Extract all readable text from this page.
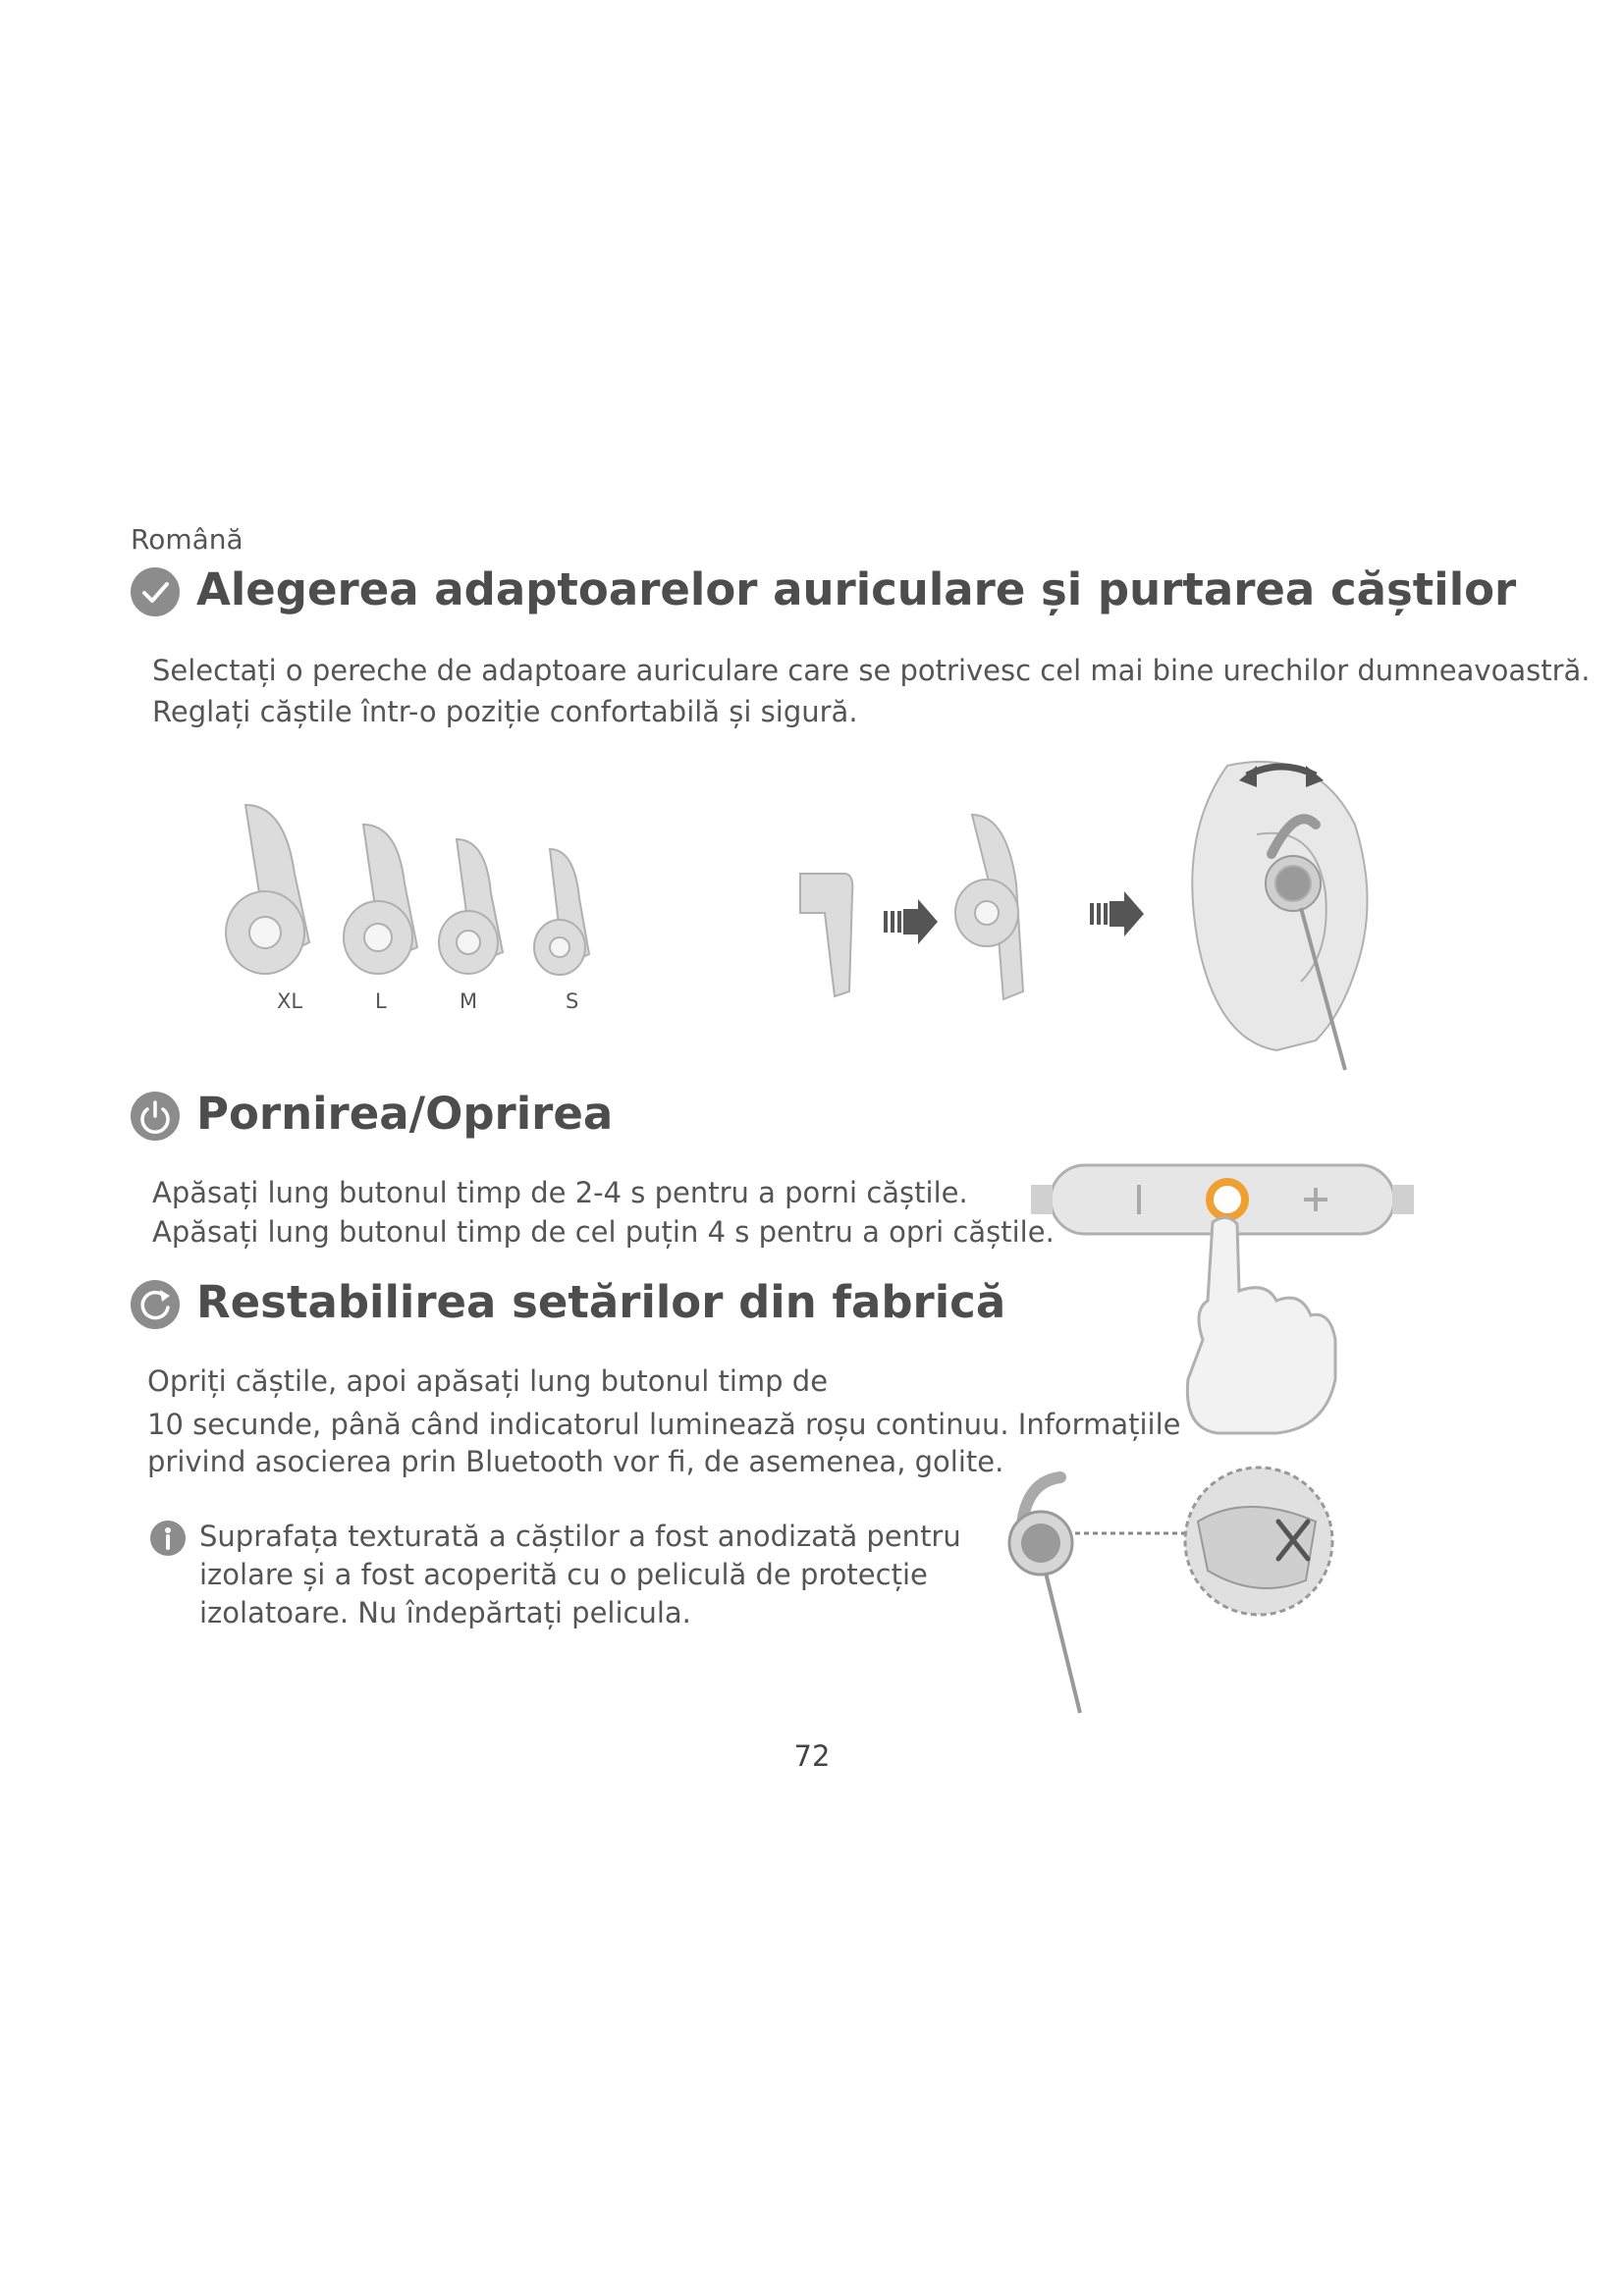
Română
Alegerea adaptoarelor auriculare și purtarea căștilor
Selectați o pereche de adaptoare auriculare care se potrivesc cel mai bine urechilor dumneavoastră.
Reglați căștile într-o poziție confortabilă și sigură.
XL	L	M	S
Pornirea/Oprirea
Apăsați lung butonul timp de 2-4 s pentru a porni căștile.
Apăsați lung butonul timp de cel puțin 4 s pentru a opri căștile.
Restabilirea setărilor din fabrică
Opriți căștile, apoi apăsați lung butonul timp de
10 secunde, până când indicatorul luminează roșu continuu. Informațiile
privind asocierea prin Bluetooth vor fi, de asemenea, golite.
Suprafața texturată a căștilor a fost anodizată pentru
izolare și a fost acoperită cu o peliculă de protecție
izolatoare. Nu îndepărtați pelicula.
72
